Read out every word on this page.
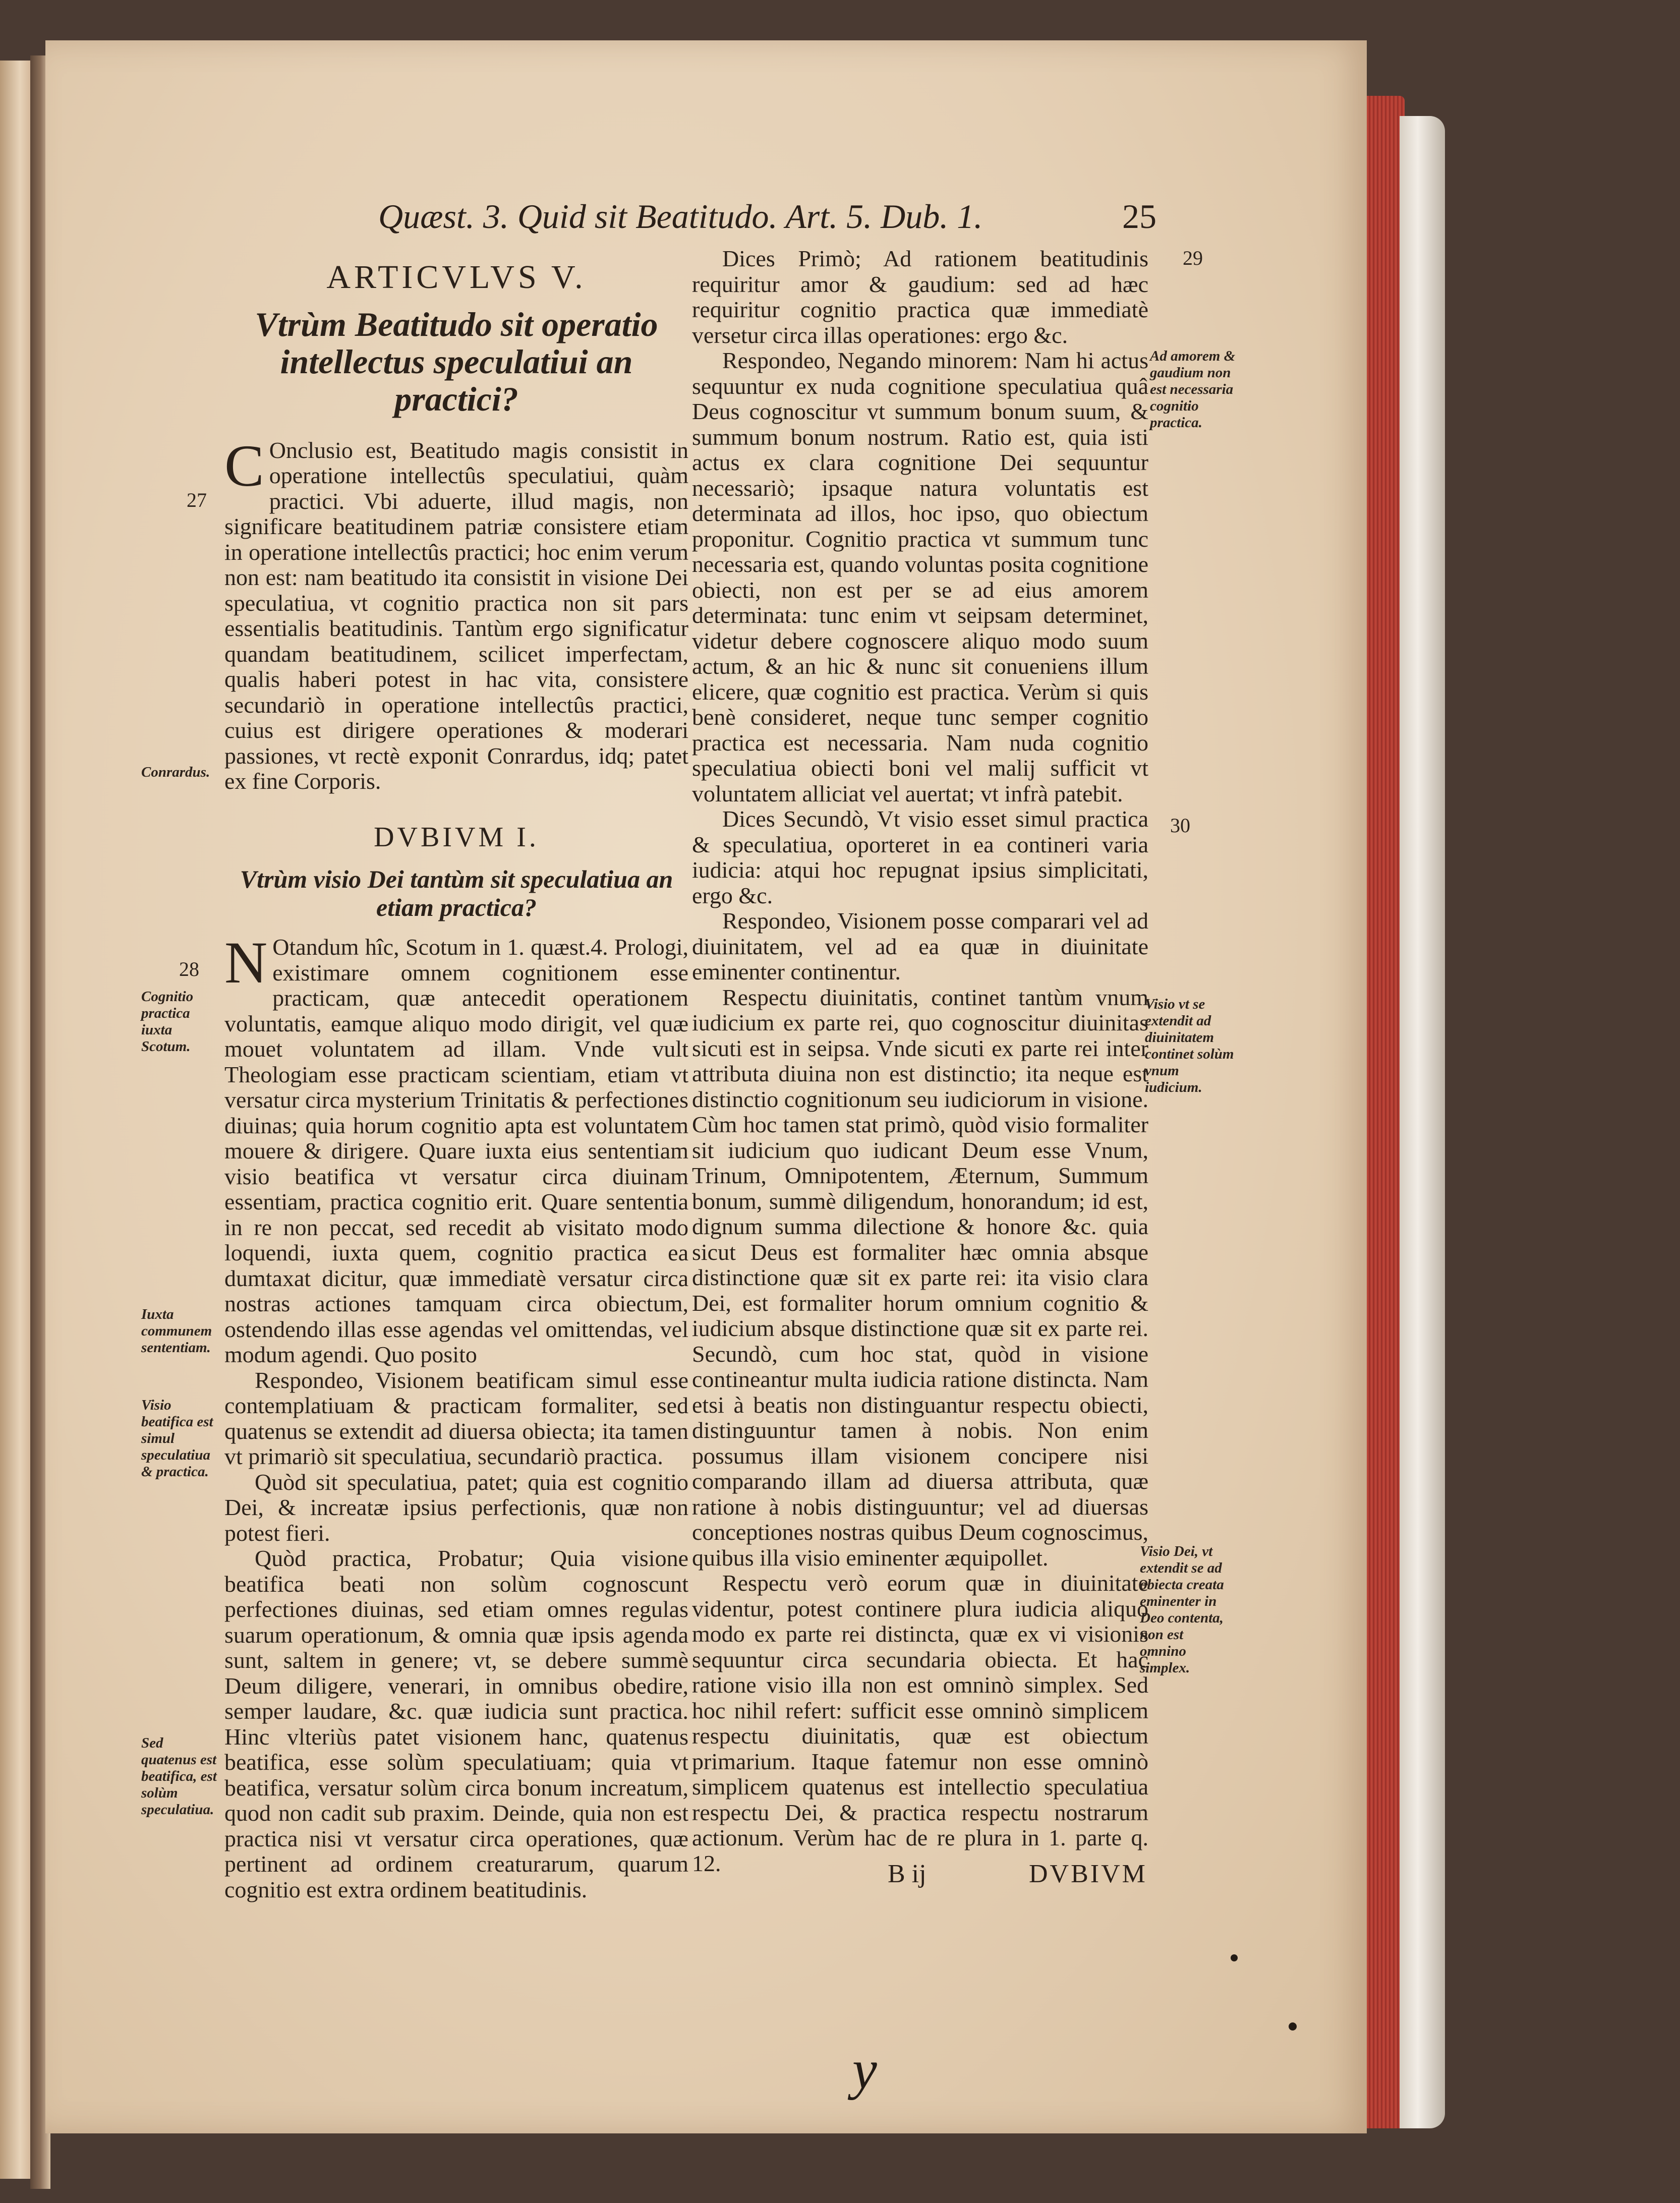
Quæst. 3. Quid sit Beatitudo. Art. 5. Dub. 1.	25
ARTICVLVS V.
Vtrùm Beatitudo sit operatio intellectus speculatiui an practici?

C Onclusio est, Beatitudo magis consistit in operatione intellectûs speculatiui, quàm practici. Vbi aduerte, illud magis, non significare beatitudinem patriæ consistere etiam in operatione intellectûs practici; hoc enim verum non est: nam beatitudo ita consistit in visione Dei speculatiua, vt cognitio practica non sit pars essentialis beatitudinis. Tantùm ergo significatur quandam beatitudinem, scilicet imperfectam, qualis haberi potest in hac vita, consistere secundariò in operatione intellectûs practici, cuius est dirigere operationes & moderari passiones, vt rectè exponit Conrardus, idq; patet ex fine Corporis.

DVBIVM I.
Vtrùm visio Dei tantùm sit speculatiua an etiam practica?

N Otandum hîc, Scotum in 1. quæst.4. Prologi, existimare omnem cognitionem esse practicam, quæ antecedit operationem voluntatis, eamque aliquo modo dirigit, vel quæ mouet voluntatem ad illam. Vnde vult Theologiam esse practicam scientiam, etiam vt versatur circa mysterium Trinitatis & perfectiones diuinas; quia horum cognitio apta est voluntatem mouere & dirigere. Quare iuxta eius sententiam visio beatifica vt versatur circa diuinam essentiam, practica cognitio erit. Quare sententia in re non peccat, sed recedit ab visitato modo loquendi, iuxta quem, cognitio practica ea dumtaxat dicitur, quæ immediatè versatur circa nostras actiones tamquam circa obiectum, ostendendo illas esse agendas vel omittendas, vel modum agendi. Quo posito

Respondeo, Visionem beatificam simul esse contemplatiuam & practicam formaliter, sed quatenus se extendit ad diuersa obiecta; ita tamen vt primariò sit speculatiua, secundariò practica.

Quòd sit speculatiua, patet; quia est cognitio Dei, & increatæ ipsius perfectionis, quæ non potest fieri.

Quòd practica, Probatur; Quia visione beatifica beati non solùm cognoscunt perfectiones diuinas, sed etiam omnes regulas suarum operationum, & omnia quæ ipsis agenda sunt, saltem in genere; vt, se debere summè Deum diligere, venerari, in omnibus obedire, semper laudare, &c. quæ iudicia sunt practica. Hinc vlteriùs patet visionem hanc, quatenus beatifica, esse solùm speculatiuam; quia vt beatifica, versatur solùm circa bonum increatum, quod non cadit sub praxim. Deinde, quia non est practica nisi vt versatur circa operationes, quæ pertinent ad ordinem creaturarum, quarum cognitio est extra ordinem beatitudinis.

Dices Primò; Ad rationem beatitudinis requiritur amor & gaudium: sed ad hæc requiritur cognitio practica quæ immediatè versetur circa illas operationes: ergo &c.

Respondeo, Negando minorem: Nam hi actus sequuntur ex nuda cognitione speculatiua quâ Deus cognoscitur vt summum bonum suum, & summum bonum nostrum. Ratio est, quia isti actus ex clara cognitione Dei sequuntur necessariò; ipsaque natura voluntatis est determinata ad illos, hoc ipso, quo obiectum proponitur. Cognitio practica vt summum tunc necessaria est, quando voluntas posita cognitione obiecti, non est per se ad eius amorem determinata: tunc enim vt seipsam determinet, videtur debere cognoscere aliquo modo suum actum, & an hic & nunc sit conueniens illum elicere, quæ cognitio est practica. Verùm si quis benè consideret, neque tunc semper cognitio practica est necessaria. Nam nuda cognitio speculatiua obiecti boni vel malij sufficit vt voluntatem alliciat vel auertat; vt infrà patebit.

Dices Secundò, Vt visio esset simul practica & speculatiua, oporteret in ea contineri varia iudicia: atqui hoc repugnat ipsius simplicitati, ergo &c.

Respondeo, Visionem posse comparari vel ad diuinitatem, vel ad ea quæ in diuinitate eminenter continentur.

Respectu diuinitatis, continet tantùm vnum iudicium ex parte rei, quo cognoscitur diuinitas sicuti est in seipsa. Vnde sicuti ex parte rei inter attributa diuina non est distinctio; ita neque est distinctio cognitionum seu iudiciorum in visione. Cùm hoc tamen stat primò, quòd visio formaliter sit iudicium quo iudicant Deum esse Vnum, Trinum, Omnipotentem, Æternum, Summum bonum, summè diligendum, honorandum; id est, dignum summa dilectione & honore &c. quia sicut Deus est formaliter hæc omnia absque distinctione quæ sit ex parte rei: ita visio clara Dei, est formaliter horum omnium cognitio & iudicium absque distinctione quæ sit ex parte rei. Secundò, cum hoc stat, quòd in visione contineantur multa iudicia ratione distincta. Nam etsi à beatis non distinguantur respectu obiecti, distinguuntur tamen à nobis. Non enim possumus illam visionem concipere nisi comparando illam ad diuersa attributa, quæ ratione à nobis distinguuntur; vel ad diuersas conceptiones nostras quibus Deum cognoscimus, quibus illa visio eminenter æquipollet.

Respectu verò eorum quæ in diuinitate videntur, potest continere plura iudicia aliquo modo ex parte rei distincta, quæ ex vi visionis sequuntur circa secundaria obiecta. Et hac ratione visio illa non est omninò simplex. Sed hoc nihil refert: sufficit esse omninò simplicem respectu diuinitatis, quæ est obiectum primarium. Itaque fatemur non esse omninò simplicem quatenus est intellectio speculatiua respectu Dei, & practica respectu nostrarum actionum. Verùm hac de re plura in 1. parte q. 12.

27
Conrardus.
28
Cognitio practica iuxta Scotum.
Iuxta communem sententiam.
Visio beatifica est simul speculatiua & practica.
Sed quatenus est beatifica, est solùm speculatiua.
29
Ad amorem & gaudium non est necessaria cognitio practica.
30
Visio vt se extendit ad diuinitatem continet solùm vnum iudicium.
Visio Dei, vt extendit se ad obiecta creata eminenter in Deo contenta, non est omnino simplex.
B ij	DVBIVM
y
